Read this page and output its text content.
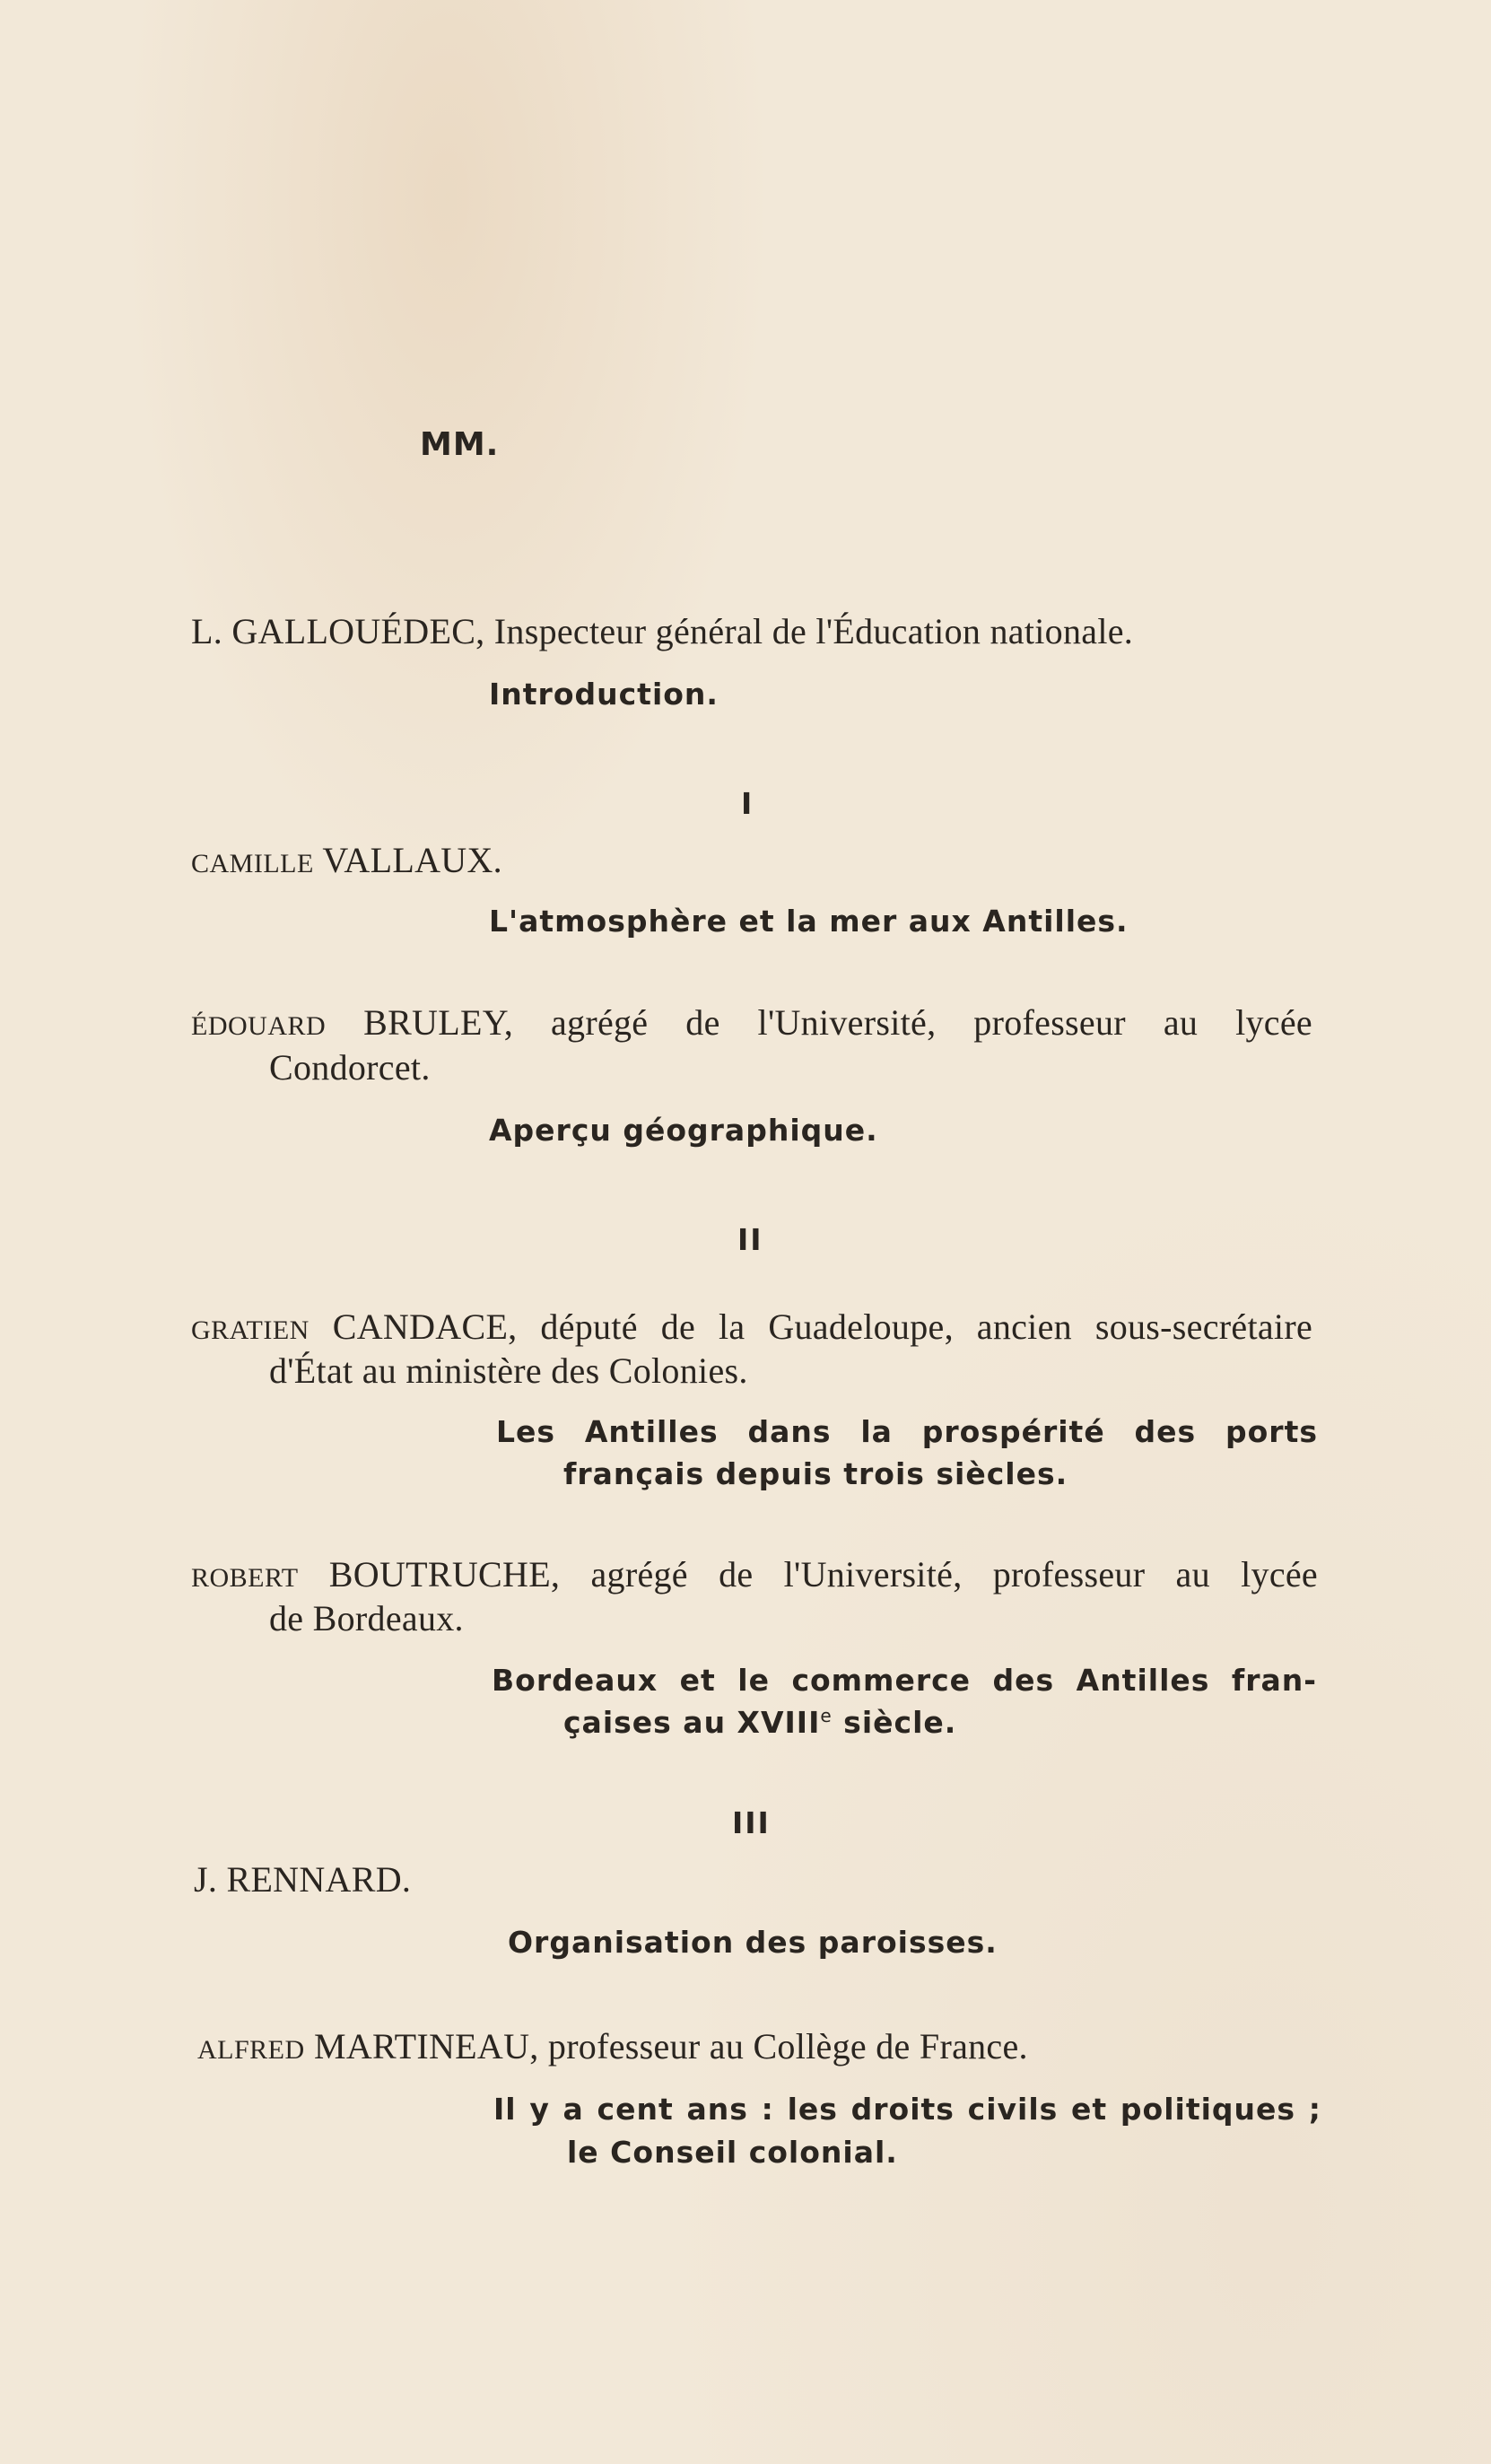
MM.
L. GALLOUÉDEC, Inspecteur général de l'Éducation nationale.
Introduction.
I
CAMILLE VALLAUX.
L'atmosphère et la mer aux Antilles.
ÉDOUARD BRULEY, agrégé de l'Université, professeur au lycée
Condorcet.
Aperçu géographique.
II
GRATIEN CANDACE, député de la Guadeloupe, ancien sous-secrétaire
d'État au ministère des Colonies.
Les Antilles dans la prospérité des ports
français depuis trois siècles.
ROBERT BOUTRUCHE, agrégé de l'Université, professeur au lycée
de Bordeaux.
Bordeaux et le commerce des Antilles fran-
çaises au XVIIIe siècle.
III
J. RENNARD.
Organisation des paroisses.
ALFRED MARTINEAU, professeur au Collège de France.
Il y a cent ans : les droits civils et politiques ;
le Conseil colonial.
